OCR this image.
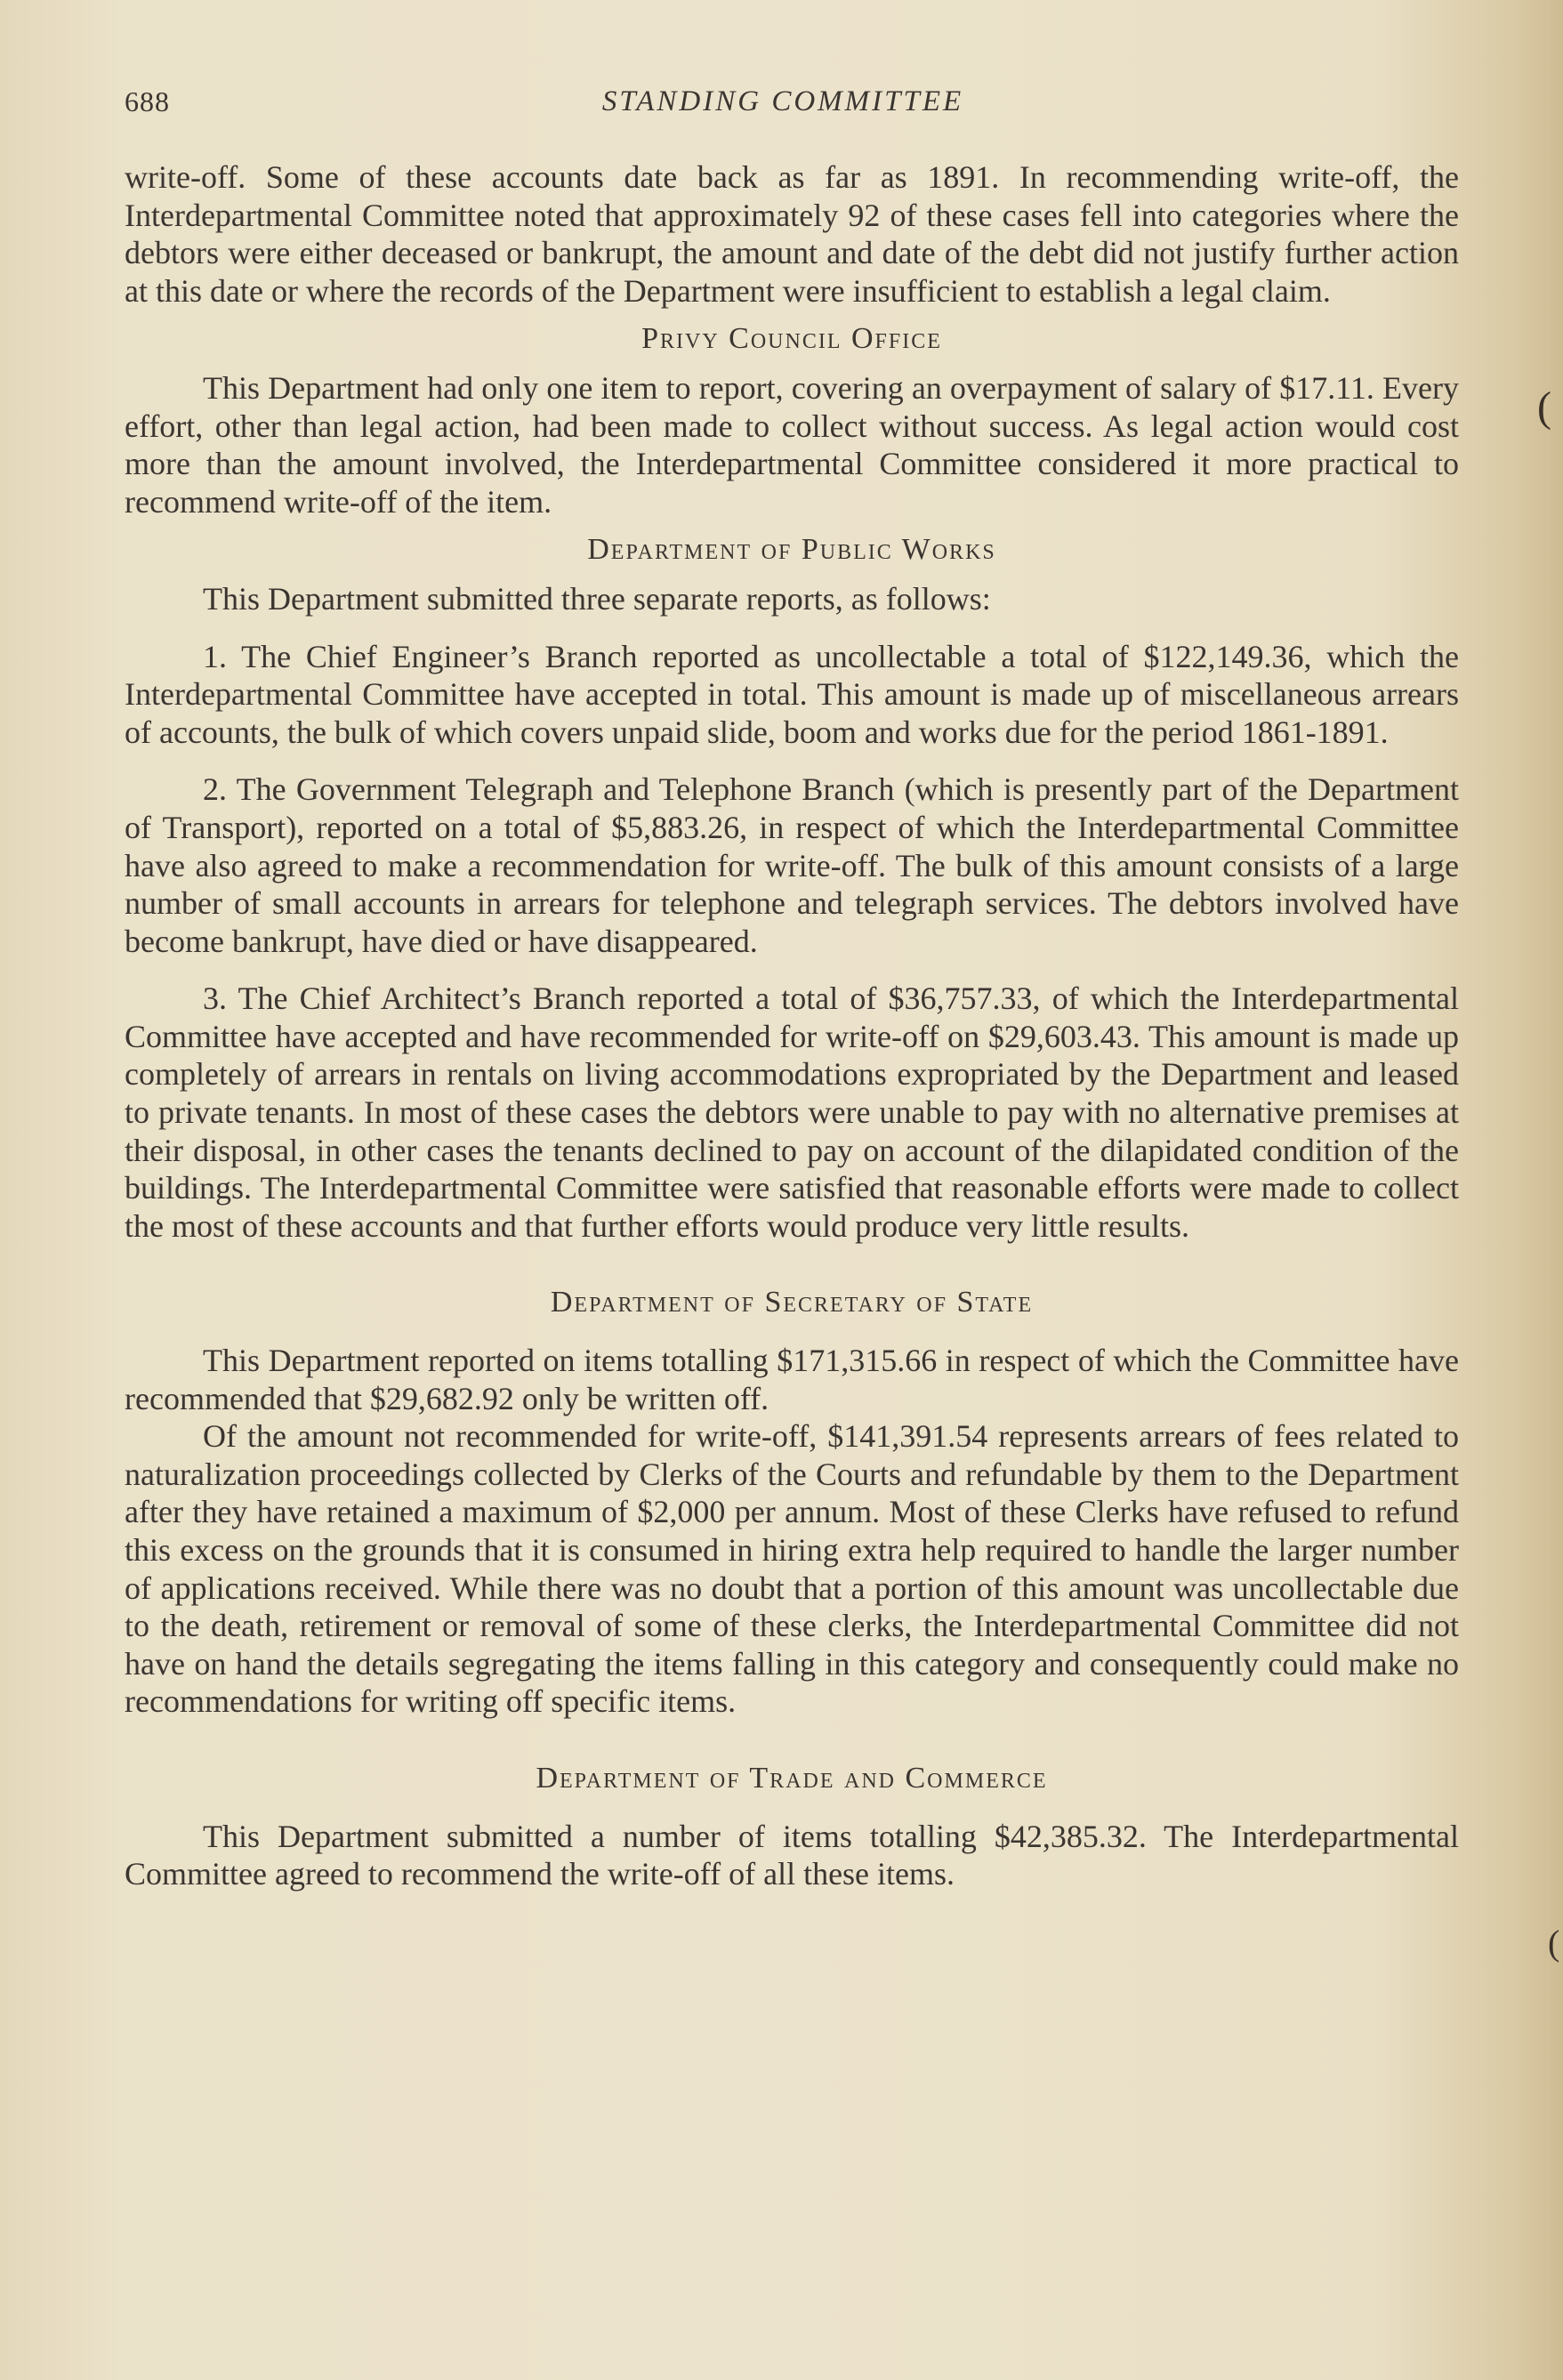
688	STANDING COMMITTEE

write-off. Some of these accounts date back as far as 1891. In recommending write-off, the Interdepartmental Committee noted that approximately 92 of these cases fell into categories where the debtors were either deceased or bankrupt, the amount and date of the debt did not justify further action at this date or where the records of the Department were insufficient to establish a legal claim.

Privy Council Office

This Department had only one item to report, covering an overpayment of salary of $17.11. Every effort, other than legal action, had been made to collect without success. As legal action would cost more than the amount involved, the Interdepartmental Committee considered it more practical to recommend write-off of the item.

Department of Public Works

This Department submitted three separate reports, as follows:

1. The Chief Engineer’s Branch reported as uncollectable a total of $122,149.36, which the Interdepartmental Committee have accepted in total. This amount is made up of miscellaneous arrears of accounts, the bulk of which covers unpaid slide, boom and works due for the period 1861-1891.

2. The Government Telegraph and Telephone Branch (which is presently part of the Department of Transport), reported on a total of $5,883.26, in respect of which the Interdepartmental Committee have also agreed to make a recommendation for write-off. The bulk of this amount consists of a large number of small accounts in arrears for telephone and telegraph services. The debtors involved have become bankrupt, have died or have disappeared.

3. The Chief Architect’s Branch reported a total of $36,757.33, of which the Interdepartmental Committee have accepted and have recommended for write-off on $29,603.43. This amount is made up completely of arrears in rentals on living accommodations expropriated by the Department and leased to private tenants. In most of these cases the debtors were unable to pay with no alternative premises at their disposal, in other cases the tenants declined to pay on account of the dilapidated condition of the buildings. The Interdepartmental Committee were satisfied that reasonable efforts were made to collect the most of these accounts and that further efforts would produce very little results.

Department of Secretary of State

This Department reported on items totalling $171,315.66 in respect of which the Committee have recommended that $29,682.92 only be written off.

Of the amount not recommended for write-off, $141,391.54 represents arrears of fees related to naturalization proceedings collected by Clerks of the Courts and refundable by them to the Department after they have retained a maximum of $2,000 per annum. Most of these Clerks have refused to refund this excess on the grounds that it is consumed in hiring extra help required to handle the larger number of applications received. While there was no doubt that a portion of this amount was uncollectable due to the death, retirement or removal of some of these clerks, the Interdepartmental Committee did not have on hand the details segregating the items falling in this category and consequently could make no recommendations for writing off specific items.

Department of Trade and Commerce

This Department submitted a number of items totalling $42,385.32. The Interdepartmental Committee agreed to recommend the write-off of all these items.

(
(
